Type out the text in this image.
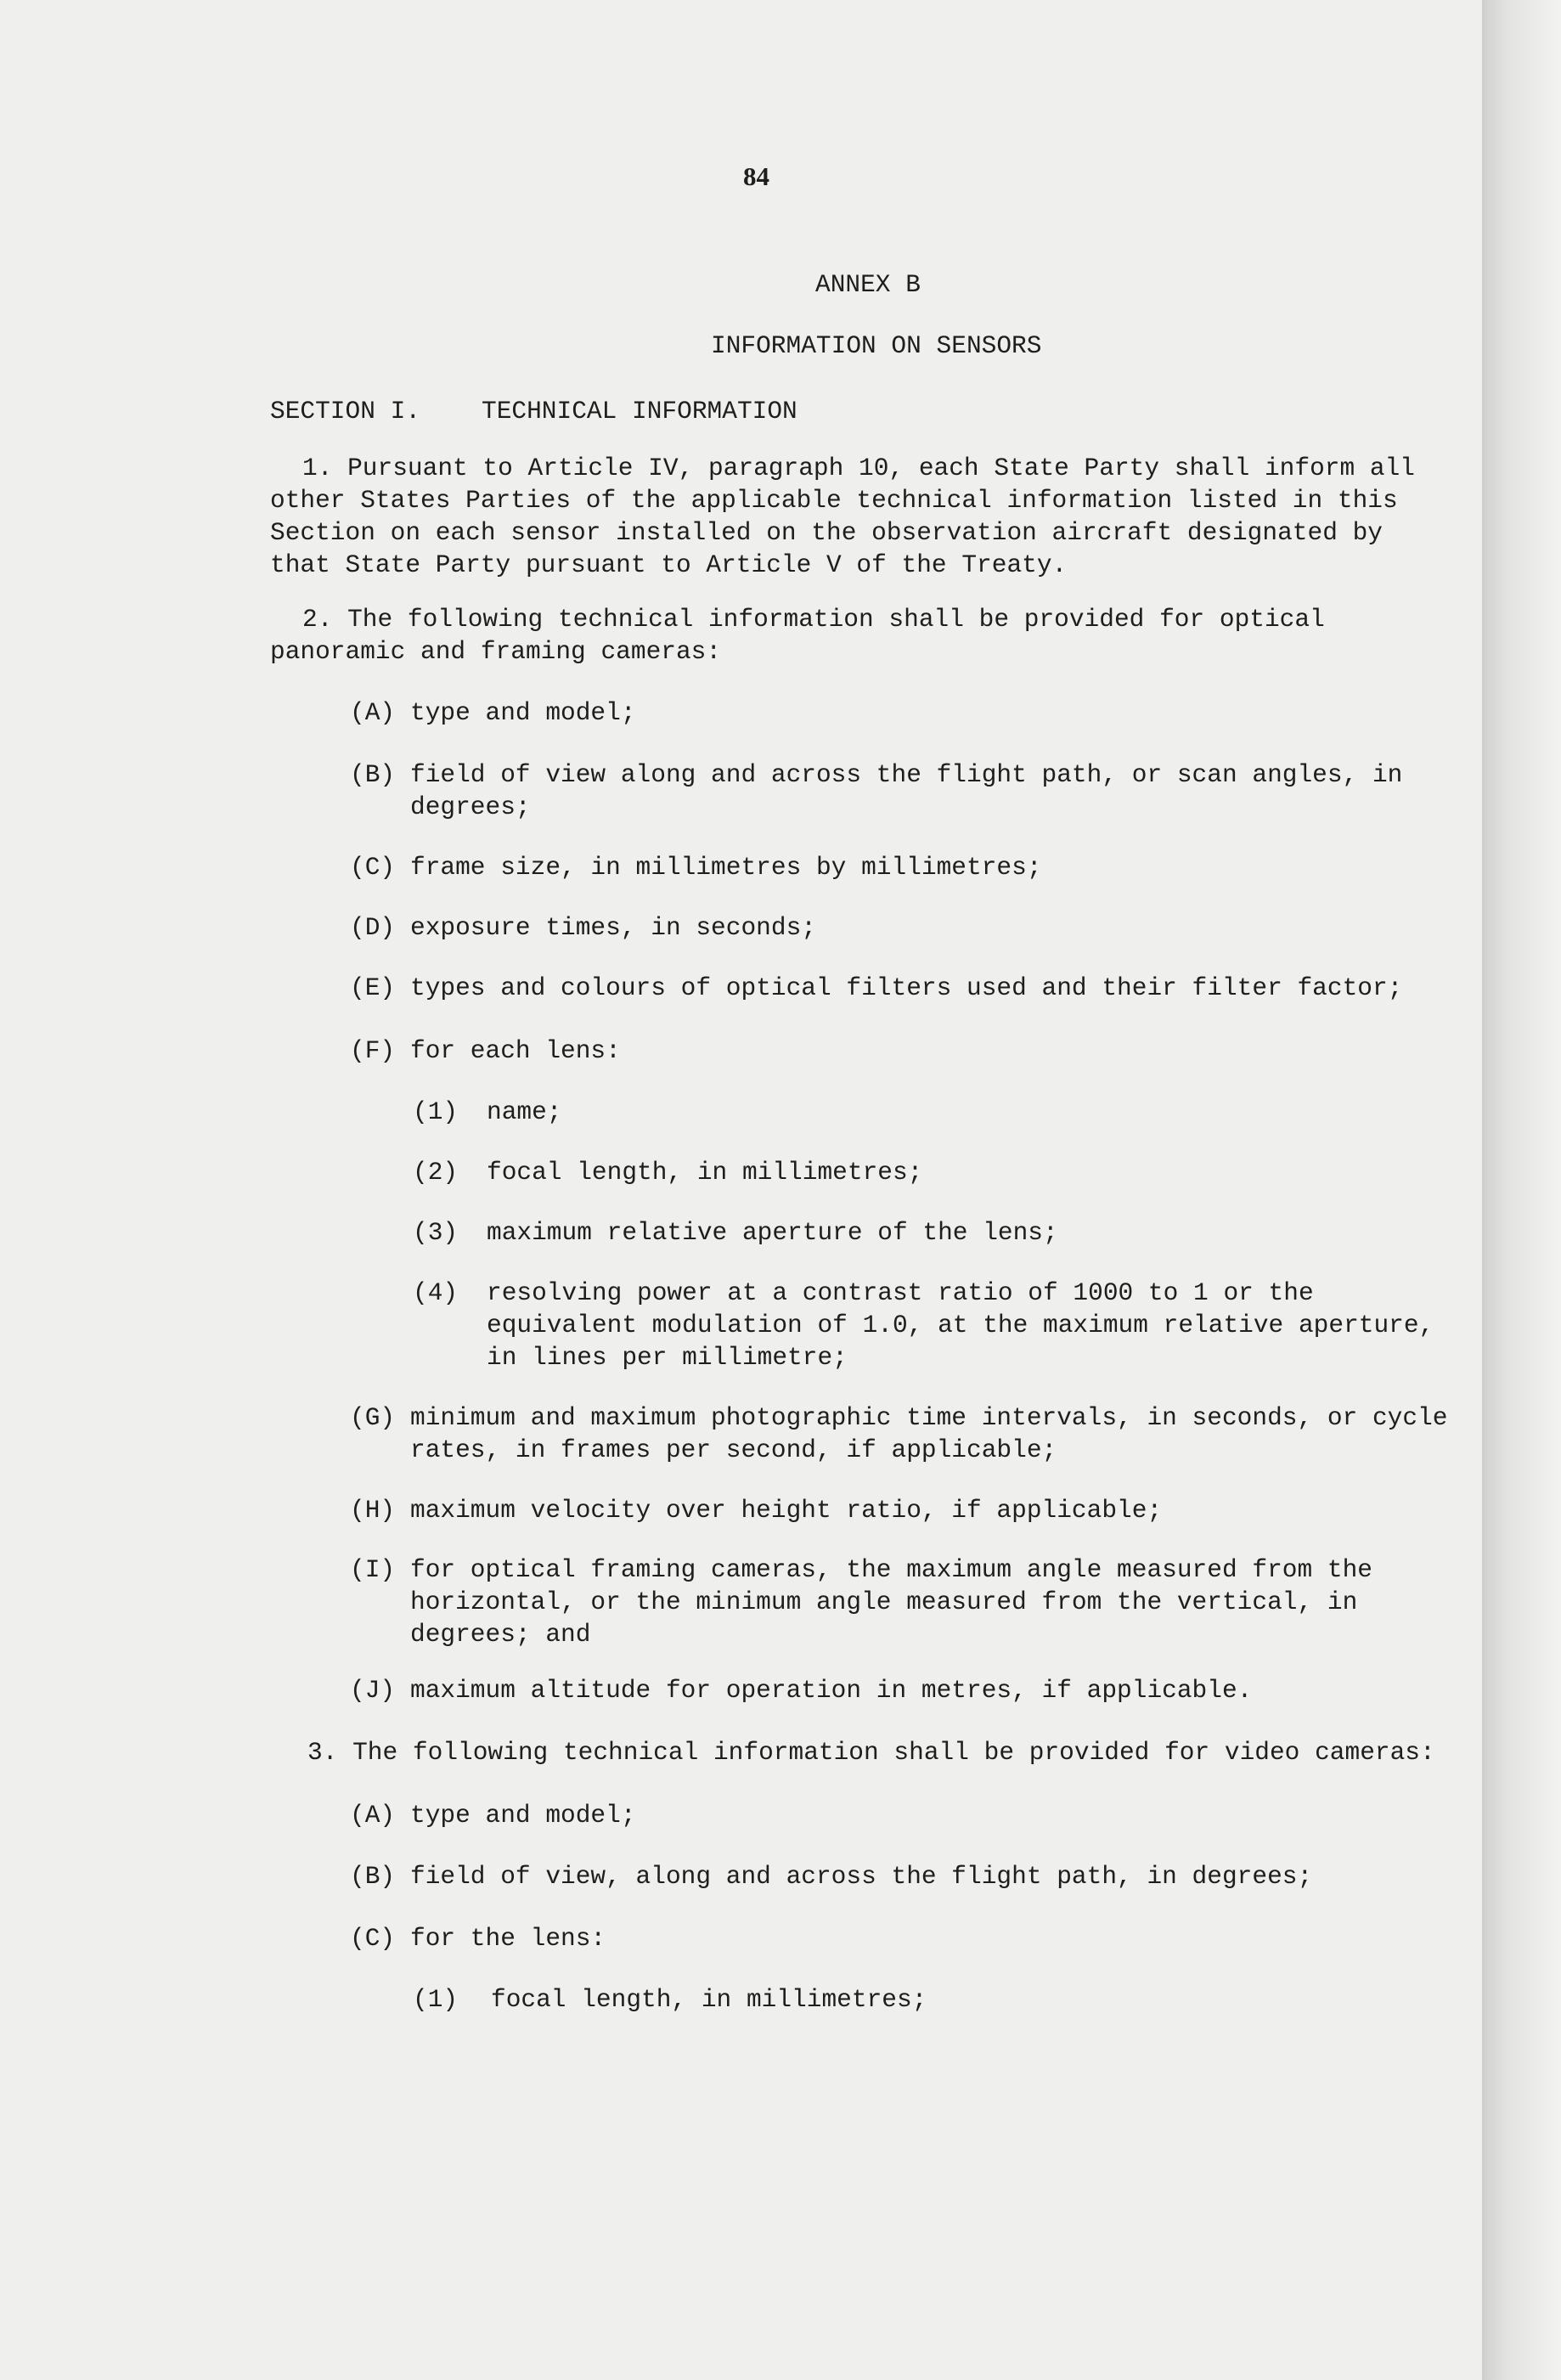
84
ANNEX B
INFORMATION ON SENSORS
SECTION I. TECHNICAL INFORMATION
1. Pursuant to Article IV, paragraph 10, each State Party shall inform all
other States Parties of the applicable technical information listed in this
Section on each sensor installed on the observation aircraft designated by
that State Party pursuant to Article V of the Treaty.
2. The following technical information shall be provided for optical
panoramic and framing cameras:
(A) type and model;
(B) field of view along and across the flight path, or scan angles, in
degrees;
(C) frame size, in millimetres by millimetres;
(D) exposure times, in seconds;
(E) types and colours of optical filters used and their filter factor;
(F) for each lens:
(1) name;
(2) focal length, in millimetres;
(3) maximum relative aperture of the lens;
(4) resolving power at a contrast ratio of 1000 to 1 or the
equivalent modulation of 1.0, at the maximum relative aperture,
in lines per millimetre;
(G) minimum and maximum photographic time intervals, in seconds, or cycle
rates, in frames per second, if applicable;
(H) maximum velocity over height ratio, if applicable;
(I) for optical framing cameras, the maximum angle measured from the
horizontal, or the minimum angle measured from the vertical, in
degrees; and
(J) maximum altitude for operation in metres, if applicable.
3. The following technical information shall be provided for video cameras:
(A) type and model;
(B) field of view, along and across the flight path, in degrees;
(C) for the lens:
(1) focal length, in millimetres;
